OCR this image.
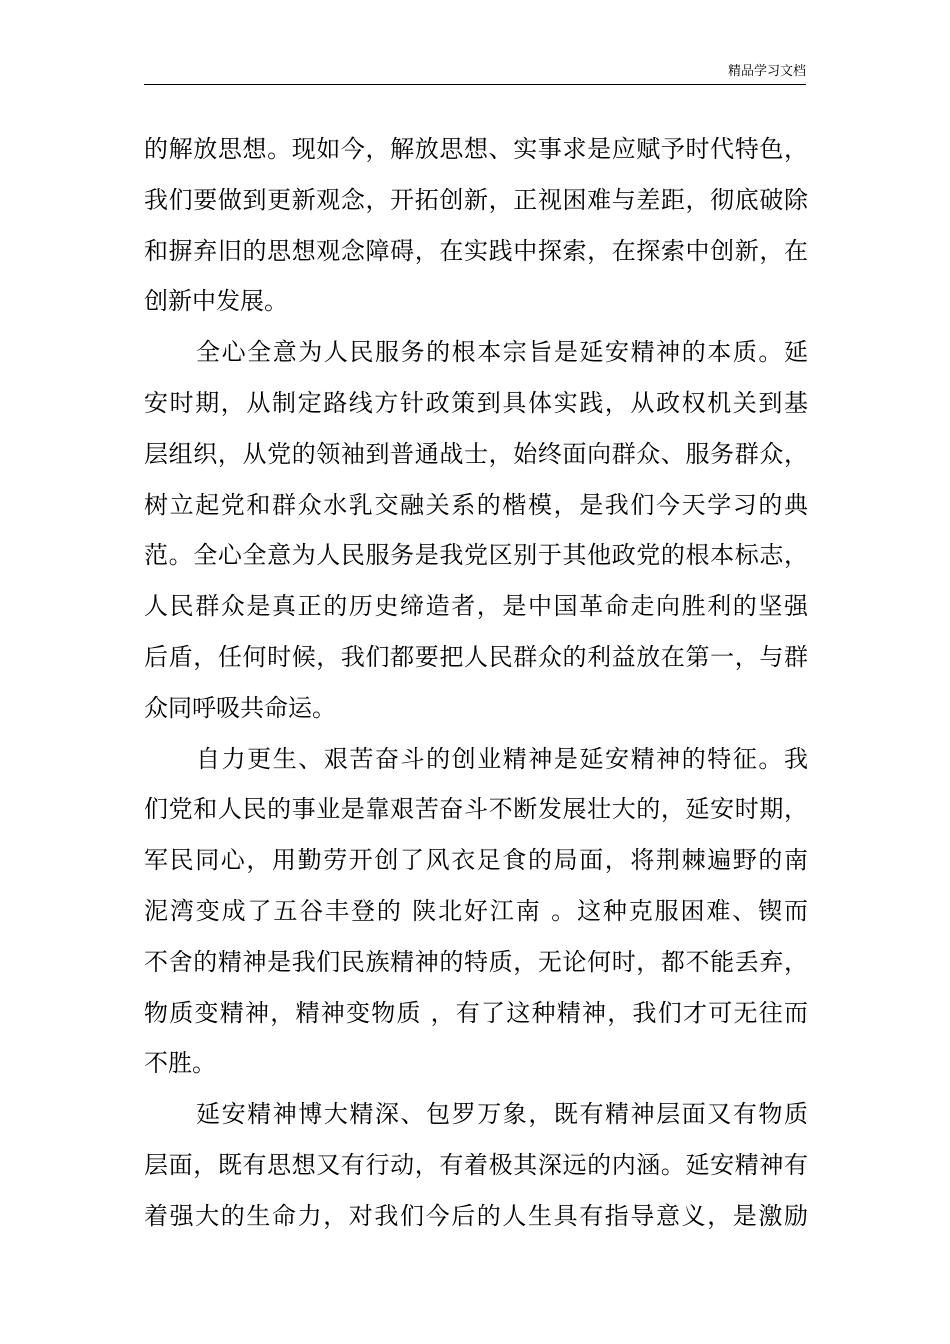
精品学习文档
的解放思想。现如今，解放思想、实事求是应赋予时代特色，
我们要做到更新观念，开拓创新，正视困难与差距，彻底破除
和摒弃旧的思想观念障碍，在实践中探索，在探索中创新，在
创新中发展。
全心全意为人民服务的根本宗旨是延安精神的本质。延
安时期，从制定路线方针政策到具体实践，从政权机关到基
层组织，从党的领袖到普通战士，始终面向群众、服务群众，
树立起党和群众水乳交融关系的楷模，是我们今天学习的典
范。全心全意为人民服务是我党区别于其他政党的根本标志，
人民群众是真正的历史缔造者，是中国革命走向胜利的坚强
后盾，任何时候，我们都要把人民群众的利益放在第一，与群
众同呼吸共命运。
自力更生、艰苦奋斗的创业精神是延安精神的特征。我
们党和人民的事业是靠艰苦奋斗不断发展壮大的，延安时期，
军民同心，用勤劳开创了风衣足食的局面，将荆棘遍野的南
泥湾变成了五谷丰登的 陕北好江南 。这种克服困难、锲而
不舍的精神是我们民族精神的特质，无论何时，都不能丢弃，
物质变精神，精神变物质 ，有了这种精神，我们才可无往而
不胜。
延安精神博大精深、包罗万象，既有精神层面又有物质
层面，既有思想又有行动，有着极其深远的内涵。延安精神有
着强大的生命力，对我们今后的人生具有指导意义，是激励
